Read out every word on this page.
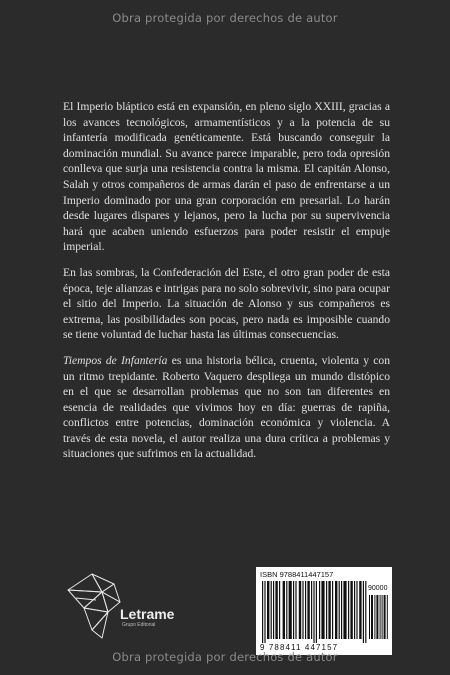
Obra protegida por derechos de autor

El Imperio bláptico está en expansión, en pleno siglo XXIII, gracias a los avances tecnológicos, armamentísticos y a la potencia de su infantería modificada genéticamente. Está buscando conseguir la dominación mundial. Su avance parece imparable, pero toda opresión conlleva que surja una resistencia contra la misma. El capitán Alonso, Salah y otros compañeros de armas darán el paso de enfrentarse a un Imperio dominado por una gran corporación em presarial. Lo harán desde lugares dispares y lejanos, pero la lucha por su supervivencia hará que acaben uniendo esfuerzos para poder resistir el empuje imperial.

En las sombras, la Confederación del Este, el otro gran poder de esta época, teje alianzas e intrigas para no solo sobrevivir, sino para ocupar el sitio del Imperio. La situación de Alonso y sus compañeros es extrema, las posibilidades son pocas, pero nada es imposible cuando se tiene voluntad de luchar hasta las últimas consecuencias.

Tiempos de Infantería es una historia bélica, cruenta, violenta y con un ritmo trepidante. Roberto Vaquero despliega un mundo distópico en el que se desarrollan problemas que no son tan diferentes en esencia de realidades que vivimos hoy en día: guerras de rapiña, conflictos entre potencias, dominación económica y violencia. A través de esta novela, el autor realiza una dura crítica a problemas y situaciones que sufrimos en la actualidad.

Letrame
Grupo Editorial
ISBN 9788411447157
90000
9 788411 447157
Obra protegida por derechos de autor
